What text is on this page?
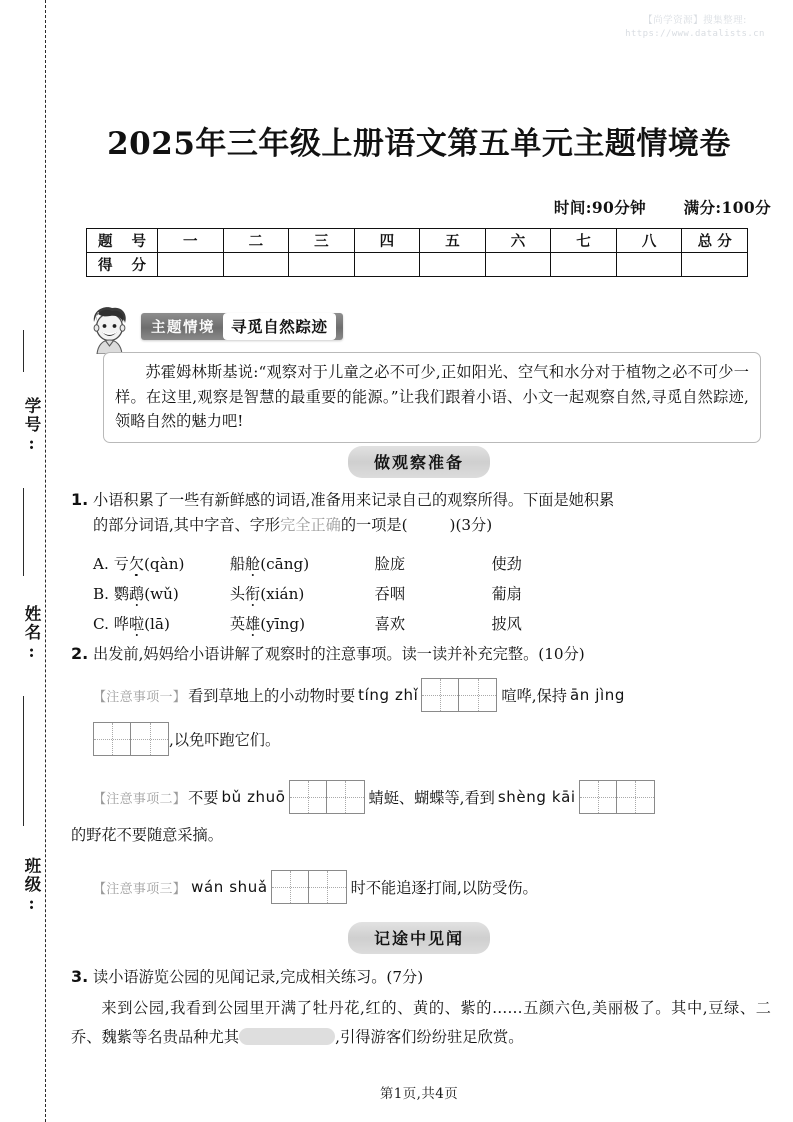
【尚学资源】搜集整理:
https://www.datalists.cn
学号:
姓名:
班级:
2025年三年级上册语文第五单元主题情境卷
时间:90分钟 满分:100分
题 号	一	二	三	四	五	六	七	八	总 分
得 分									
主题情境	寻觅自然踪迹

苏霍姆林斯基说:“观察对于儿童之必不可少,正如阳光、空气和水分对于植物之必不可少一样。在这里,观察是智慧的最重要的能源。”让我们跟着小语、小文一起观察自然,寻觅自然踪迹,领略自然的魅力吧!

做观察准备
1. 小语积累了一些有新鲜感的词语,准备用来记录自己的观察所得。下面是她积累
的部分词语,其中字音、字形完全正确的一项是(	)(3分)
A. 亏欠(qàn)	船舱(cāng)	脸庞	使劲
B. 鹦鹉(wǔ)	头衔(xián)	吞咽	葡扇
C. 哗啦(lā)	英雄(yīng)	喜欢	披风
2. 出发前,妈妈给小语讲解了观察时的注意事项。读一读并补充完整。(10分)
【注意事项一】 看到草地上的小动物时要 tíng zhǐ	喧哗,保持 ān jìng
,以免吓跑它们。
【注意事项二】 不要 bǔ zhuō	蜻蜓、蝴蝶等,看到 shèng kāi
的野花不要随意采摘。
【注意事项三】 wán shuǎ	时不能追逐打闹,以防受伤。
记途中见闻
3. 读小语游览公园的见闻记录,完成相关练习。(7分)
来到公园,我看到公园里开满了牡丹花,红的、黄的、紫的……五颜六色,美丽极了。其中,豆绿、二乔、魏紫等名贵品种尤其	,引得游客们纷纷驻足欣赏。
第1页,共4页
